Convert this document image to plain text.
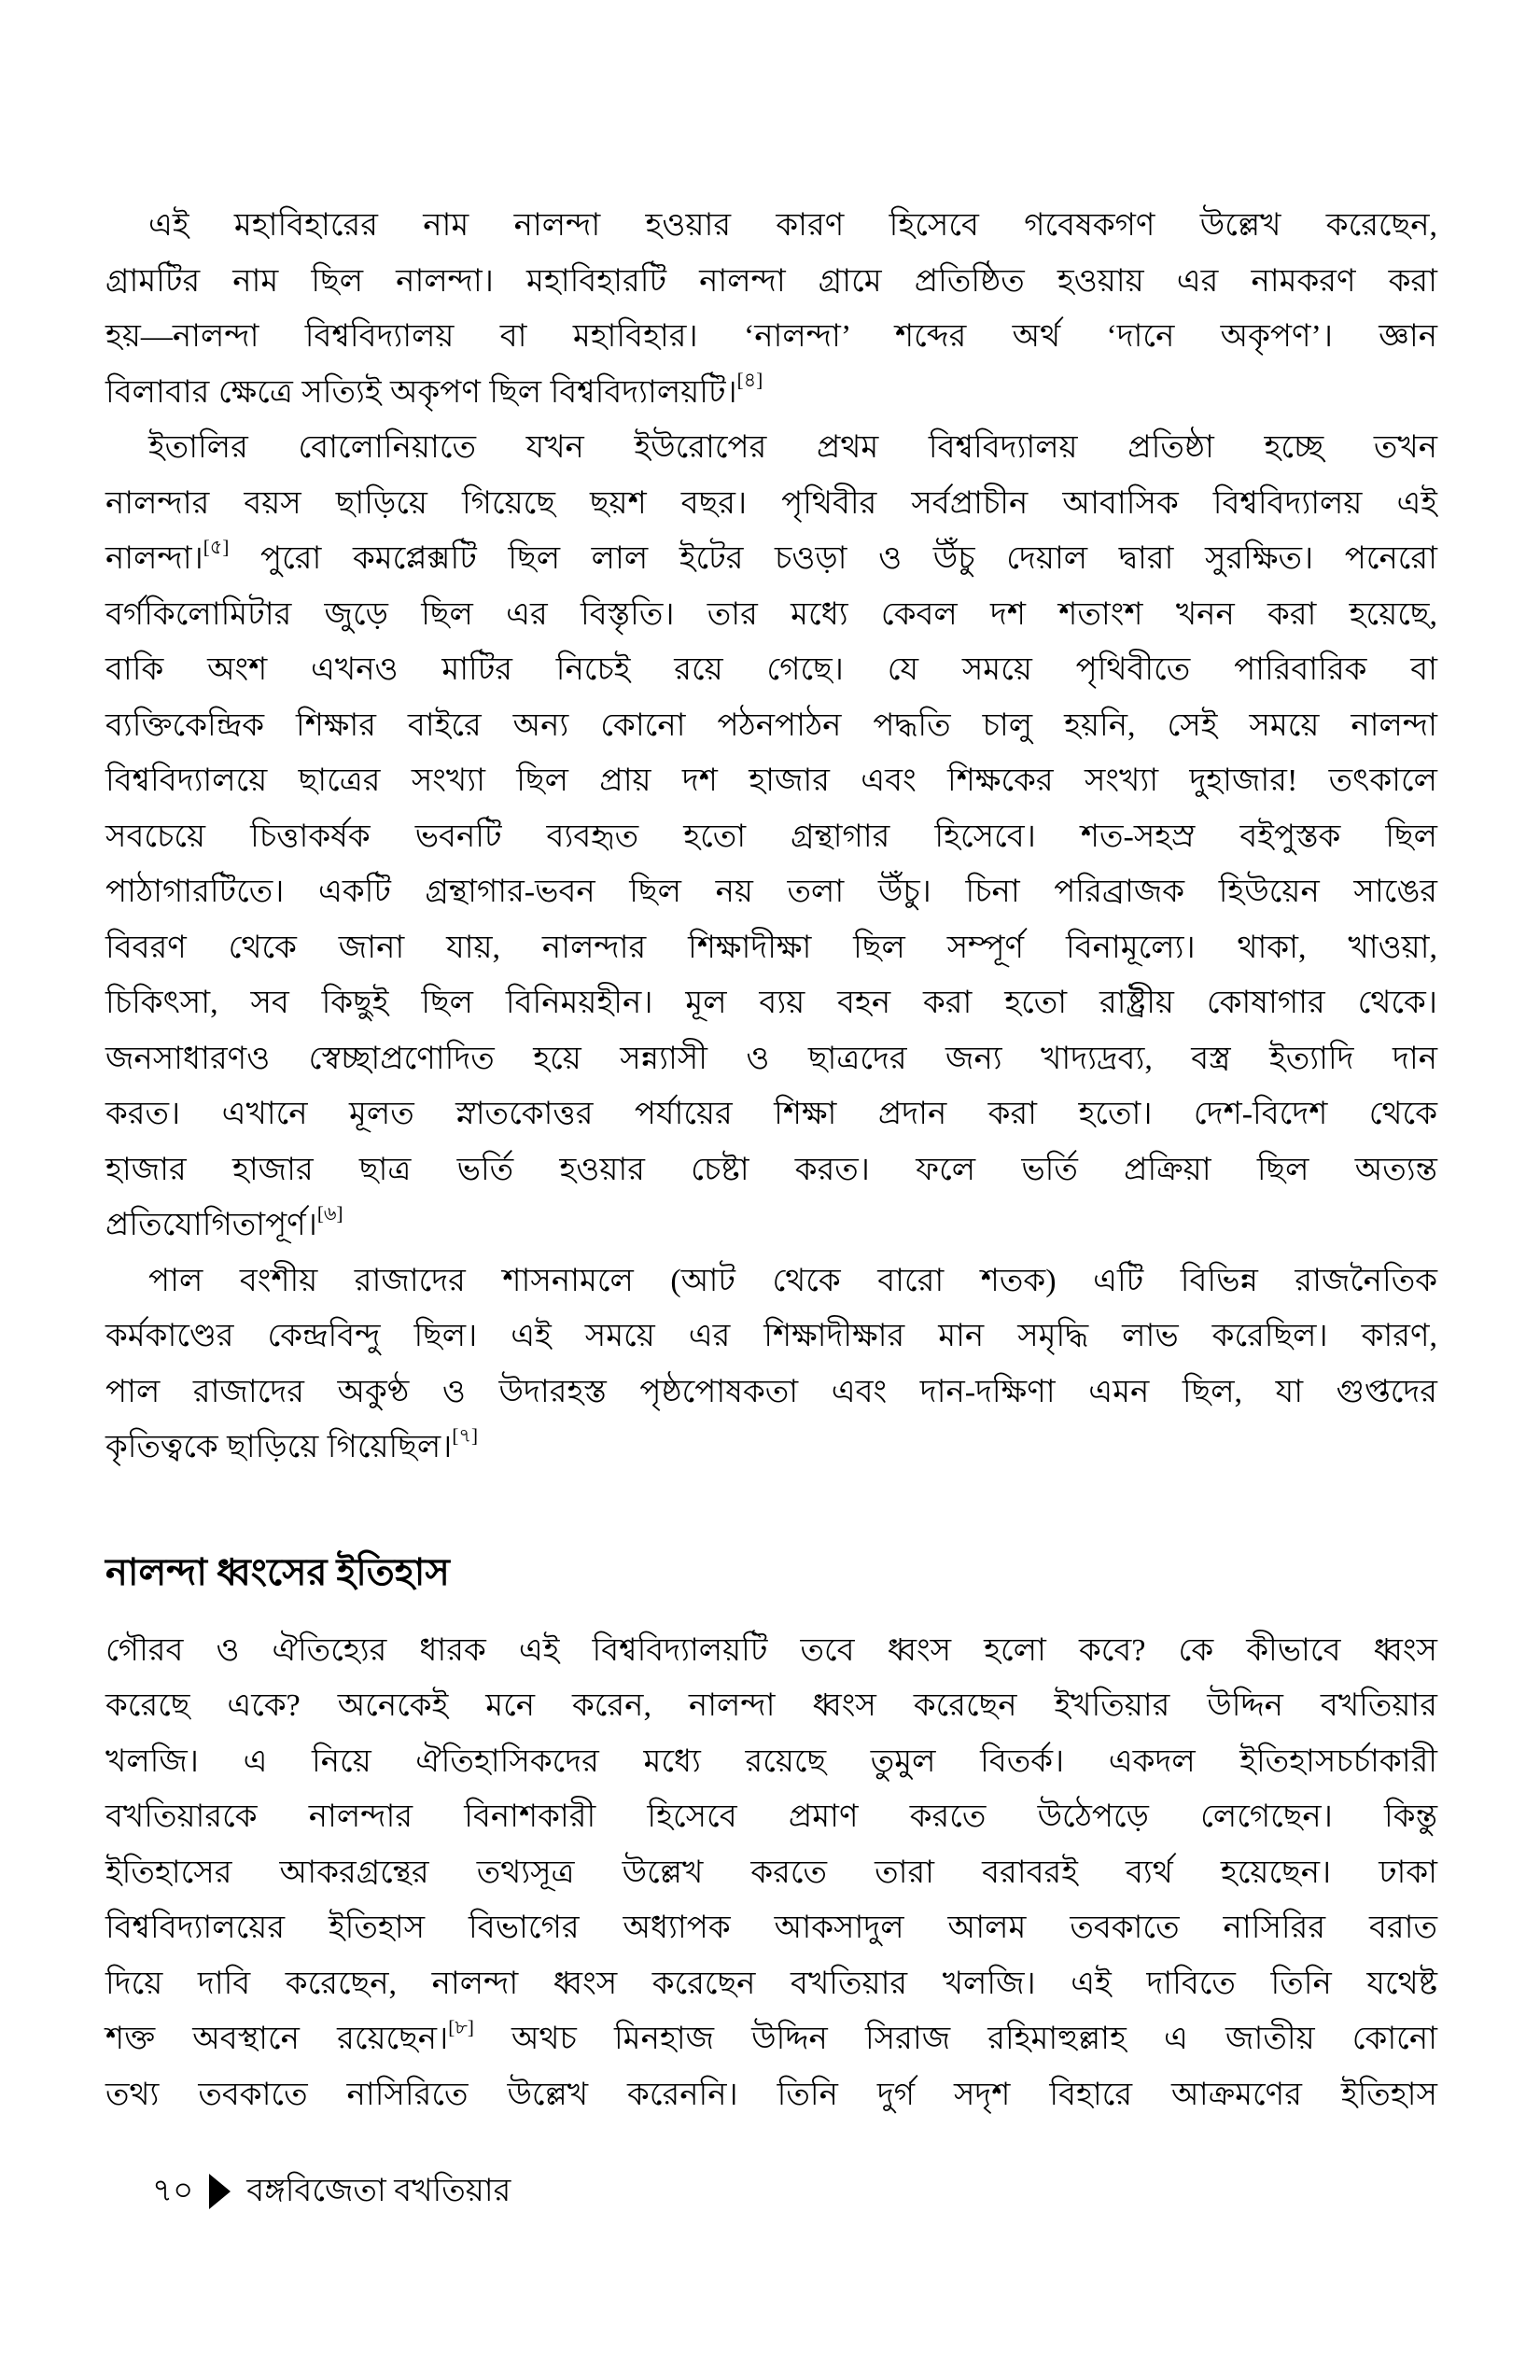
এই মহাবিহারের নাম নালন্দা হওয়ার কারণ হিসেবে গবেষকগণ উল্লেখ করেছেন,
গ্রামটির নাম ছিল নালন্দা। মহাবিহারটি নালন্দা গ্রামে প্রতিষ্ঠিত হওয়ায় এর নামকরণ করা
হয়—নালন্দা বিশ্ববিদ্যালয় বা মহাবিহার। ‘নালন্দা’ শব্দের অর্থ ‘দানে অকৃপণ’। জ্ঞান
বিলাবার ক্ষেত্রে সত্যিই অকৃপণ ছিল বিশ্ববিদ্যালয়টি।[৪]
ইতালির বোলোনিয়াতে যখন ইউরোপের প্রথম বিশ্ববিদ্যালয় প্রতিষ্ঠা হচ্ছে তখন
নালন্দার বয়স ছাড়িয়ে গিয়েছে ছয়শ বছর। পৃথিবীর সর্বপ্রাচীন আবাসিক বিশ্ববিদ্যালয় এই
নালন্দা।[৫] পুরো কমপ্লেক্সটি ছিল লাল ইটের চওড়া ও উঁচু দেয়াল দ্বারা সুরক্ষিত। পনেরো
বর্গকিলোমিটার জুড়ে ছিল এর বিস্তৃতি। তার মধ্যে কেবল দশ শতাংশ খনন করা হয়েছে,
বাকি অংশ এখনও মাটির নিচেই রয়ে গেছে। যে সময়ে পৃথিবীতে পারিবারিক বা
ব্যক্তিকেন্দ্রিক শিক্ষার বাইরে অন্য কোনো পঠনপাঠন পদ্ধতি চালু হয়নি, সেই সময়ে নালন্দা
বিশ্ববিদ্যালয়ে ছাত্রের সংখ্যা ছিল প্রায় দশ হাজার এবং শিক্ষকের সংখ্যা দুহাজার! তৎকালে
সবচেয়ে চিত্তাকর্ষক ভবনটি ব্যবহৃত হতো গ্রন্থাগার হিসেবে। শত-সহস্র বইপুস্তক ছিল
পাঠাগারটিতে। একটি গ্রন্থাগার-ভবন ছিল নয় তলা উঁচু। চিনা পরিব্রাজক হিউয়েন সাঙের
বিবরণ থেকে জানা যায়, নালন্দার শিক্ষাদীক্ষা ছিল সম্পূর্ণ বিনামূল্যে। থাকা, খাওয়া,
চিকিৎসা, সব কিছুই ছিল বিনিময়হীন। মূল ব্যয় বহন করা হতো রাষ্ট্রীয় কোষাগার থেকে।
জনসাধারণও স্বেচ্ছাপ্রণোদিত হয়ে সন্ন্যাসী ও ছাত্রদের জন্য খাদ্যদ্রব্য, বস্ত্র ইত্যাদি দান
করত। এখানে মূলত স্নাতকোত্তর পর্যায়ের শিক্ষা প্রদান করা হতো। দেশ-বিদেশ থেকে
হাজার হাজার ছাত্র ভর্তি হওয়ার চেষ্টা করত। ফলে ভর্তি প্রক্রিয়া ছিল অত্যন্ত
প্রতিযোগিতাপূর্ণ।[৬]
পাল বংশীয় রাজাদের শাসনামলে (আট থেকে বারো শতক) এটি বিভিন্ন রাজনৈতিক
কর্মকাণ্ডের কেন্দ্রবিন্দু ছিল। এই সময়ে এর শিক্ষাদীক্ষার মান সমৃদ্ধি লাভ করেছিল। কারণ,
পাল রাজাদের অকুণ্ঠ ও উদারহস্ত পৃষ্ঠপোষকতা এবং দান-দক্ষিণা এমন ছিল, যা গুপ্তদের
কৃতিত্বকে ছাড়িয়ে গিয়েছিল।[৭]
নালন্দা ধ্বংসের ইতিহাস
গৌরব ও ঐতিহ্যের ধারক এই বিশ্ববিদ্যালয়টি তবে ধ্বংস হলো কবে? কে কীভাবে ধ্বংস
করেছে একে? অনেকেই মনে করেন, নালন্দা ধ্বংস করেছেন ইখতিয়ার উদ্দিন বখতিয়ার
খলজি। এ নিয়ে ঐতিহাসিকদের মধ্যে রয়েছে তুমুল বিতর্ক। একদল ইতিহাসচর্চাকারী
বখতিয়ারকে নালন্দার বিনাশকারী হিসেবে প্রমাণ করতে উঠেপড়ে লেগেছেন। কিন্তু
ইতিহাসের আকরগ্রন্থের তথ্যসূত্র উল্লেখ করতে তারা বরাবরই ব্যর্থ হয়েছেন। ঢাকা
বিশ্ববিদ্যালয়ের ইতিহাস বিভাগের অধ্যাপক আকসাদুল আলম তবকাতে নাসিরির বরাত
দিয়ে দাবি করেছেন, নালন্দা ধ্বংস করেছেন বখতিয়ার খলজি। এই দাবিতে তিনি যথেষ্ট
শক্ত অবস্থানে রয়েছেন।[৮] অথচ মিনহাজ উদ্দিন সিরাজ রহিমাহুল্লাহ এ জাতীয় কোনো
তথ্য তবকাতে নাসিরিতে উল্লেখ করেননি। তিনি দুর্গ সদৃশ বিহারে আক্রমণের ইতিহাস
৭০ বঙ্গবিজেতা বখতিয়ার
